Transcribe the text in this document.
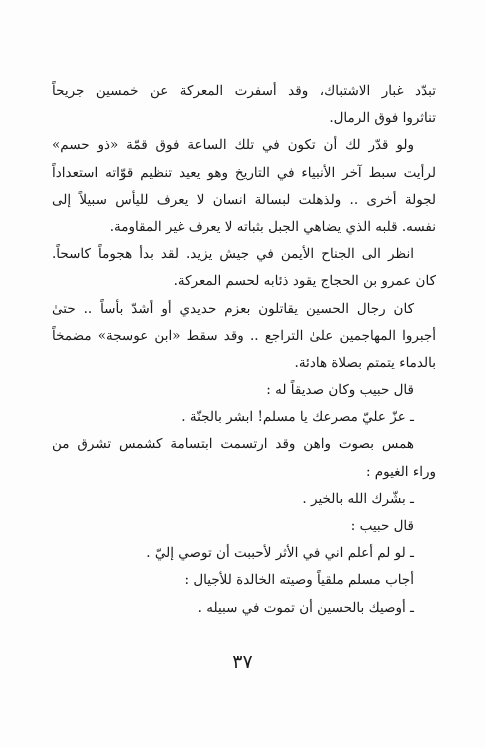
تبدّد غبار الاشتباك، وقد أسفرت المعركة عن خمسين جريحاً
تناثروا فوق الرمال.
ولو قدّر لك أن تكون في تلك الساعة فوق قمّة «ذو حسم»
لرأيت سبط آخر الأنبياء في التاريخ وهو يعيد تنظيم قوّاته استعداداً
لجولة أخرى .. ولذهلت لبسالة انسان لا يعرف لليأس سبيلاً إلى
نفسه. قلبه الذي يضاهي الجبل بثباته لا يعرف غير المقاومة.
انظر الى الجناح الأيمن في جيش يزيد. لقد بدأ هجوماً كاسحاً.
كان عمرو بن الحجاج يقود ذئابه لحسم المعركة.
كان رجال الحسين يقاتلون بعزم حديدي أو أشدّ بأساً .. حتىٰ
أجبروا المهاجمين علىٰ التراجع .. وقد سقط «ابن عوسجة» مضمخاً
بالدماء يتمتم بصلاة هادئة.
قال حبيب وكان صديقاً له :
ـ عزّ عليّ مصرعك يا مسلم! ابشر بالجنّة .
همس بصوت واهن وقد ارتسمت ابتسامة كشمس تشرق من
وراء الغيوم :
ـ بشّرك الله بالخير .
قال حبيب :
ـ لو لم أعلم اني في الأثر لأحببت أن توصي إليّ .
أجاب مسلم ملقياً وصيته الخالدة للأجيال :
ـ أوصيك بالحسين أن تموت في سبيله .
٣٧
